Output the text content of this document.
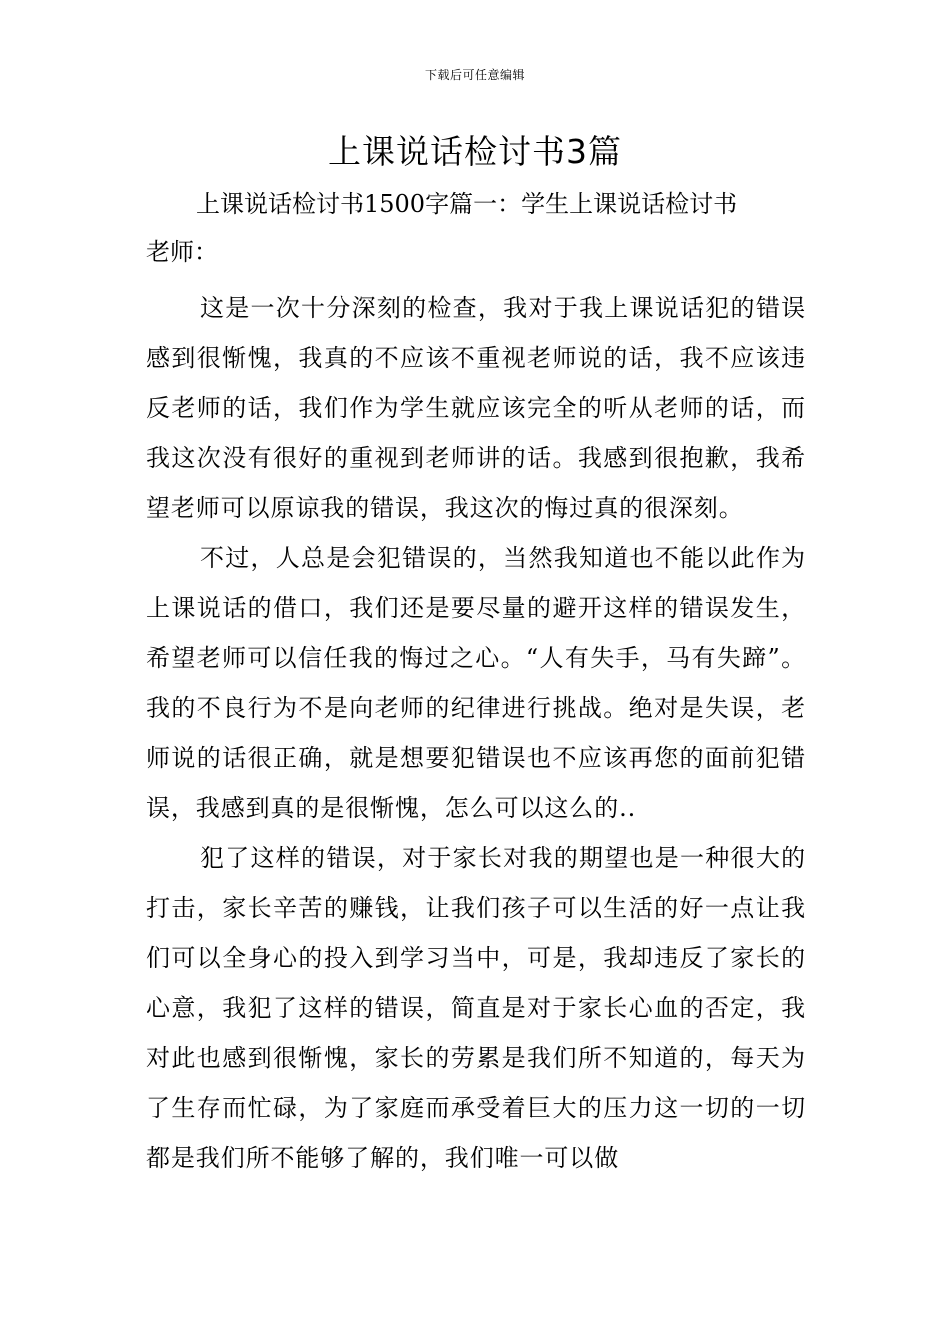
下载后可任意编辑
上课说话检讨书3篇
上课说话检讨书1500字篇一：学生上课说话检讨书
老师：

这是一次十分深刻的检查，我对于我上课说话犯的错误感到很惭愧，我真的不应该不重视老师说的话，我不应该违反老师的话，我们作为学生就应该完全的听从老师的话，而我这次没有很好的重视到老师讲的话。我感到很抱歉，我希望老师可以原谅我的错误，我这次的悔过真的很深刻。

不过，人总是会犯错误的，当然我知道也不能以此作为上课说话的借口，我们还是要尽量的避开这样的错误发生，希望老师可以信任我的悔过之心。“人有失手，马有失蹄”。我的不良行为不是向老师的纪律进行挑战。绝对是失误，老师说的话很正确，就是想要犯错误也不应该再您的面前犯错误，我感到真的是很惭愧，怎么可以这么的..

犯了这样的错误，对于家长对我的期望也是一种很大的打击，家长辛苦的赚钱，让我们孩子可以生活的好一点让我们可以全身心的投入到学习当中，可是，我却违反了家长的心意，我犯了这样的错误，简直是对于家长心血的否定，我对此也感到很惭愧，家长的劳累是我们所不知道的，每天为了生存而忙碌，为了家庭而承受着巨大的压力这一切的一切都是我们所不能够了解的，我们唯一可以做
